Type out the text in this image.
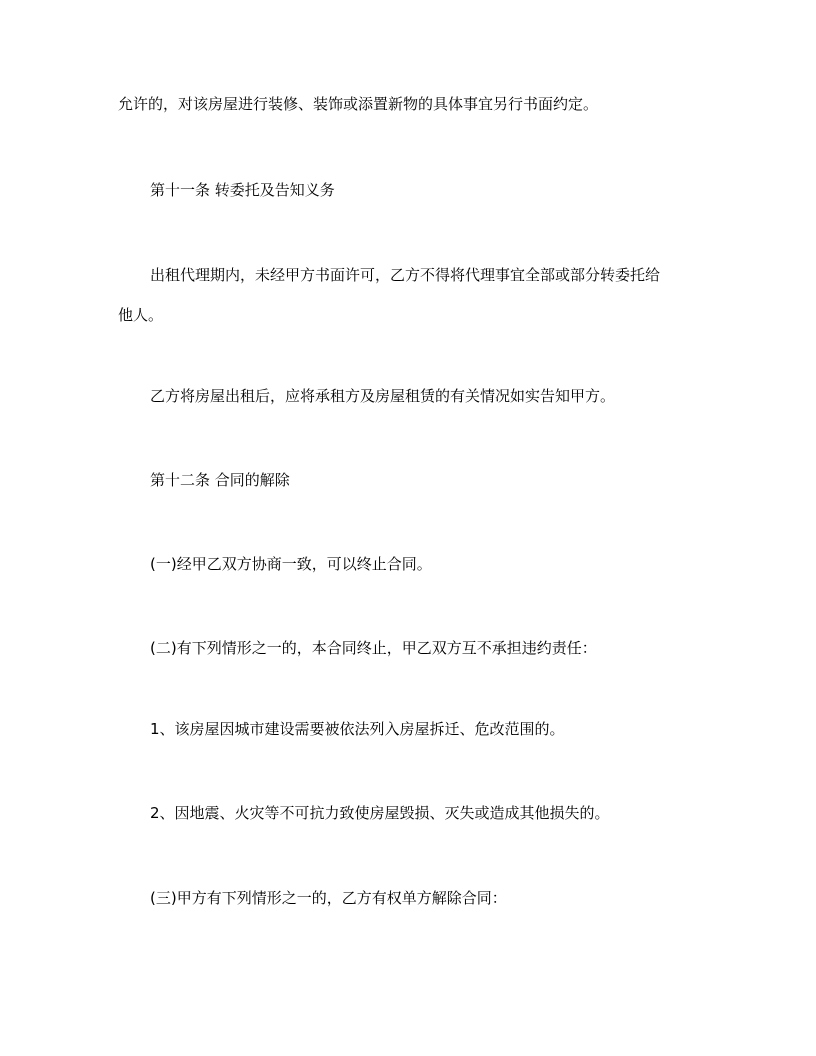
允许的，对该房屋进行装修、装饰或添置新物的具体事宜另行书面约定。
第十一条 转委托及告知义务
出租代理期内，未经甲方书面许可，乙方不得将代理事宜全部或部分转委托给
他人。
乙方将房屋出租后，应将承租方及房屋租赁的有关情况如实告知甲方。
第十二条 合同的解除
(一)经甲乙双方协商一致，可以终止合同。
(二)有下列情形之一的，本合同终止，甲乙双方互不承担违约责任：
1、该房屋因城市建设需要被依法列入房屋拆迁、危改范围的。
2、因地震、火灾等不可抗力致使房屋毁损、灭失或造成其他损失的。
(三)甲方有下列情形之一的，乙方有权单方解除合同：
